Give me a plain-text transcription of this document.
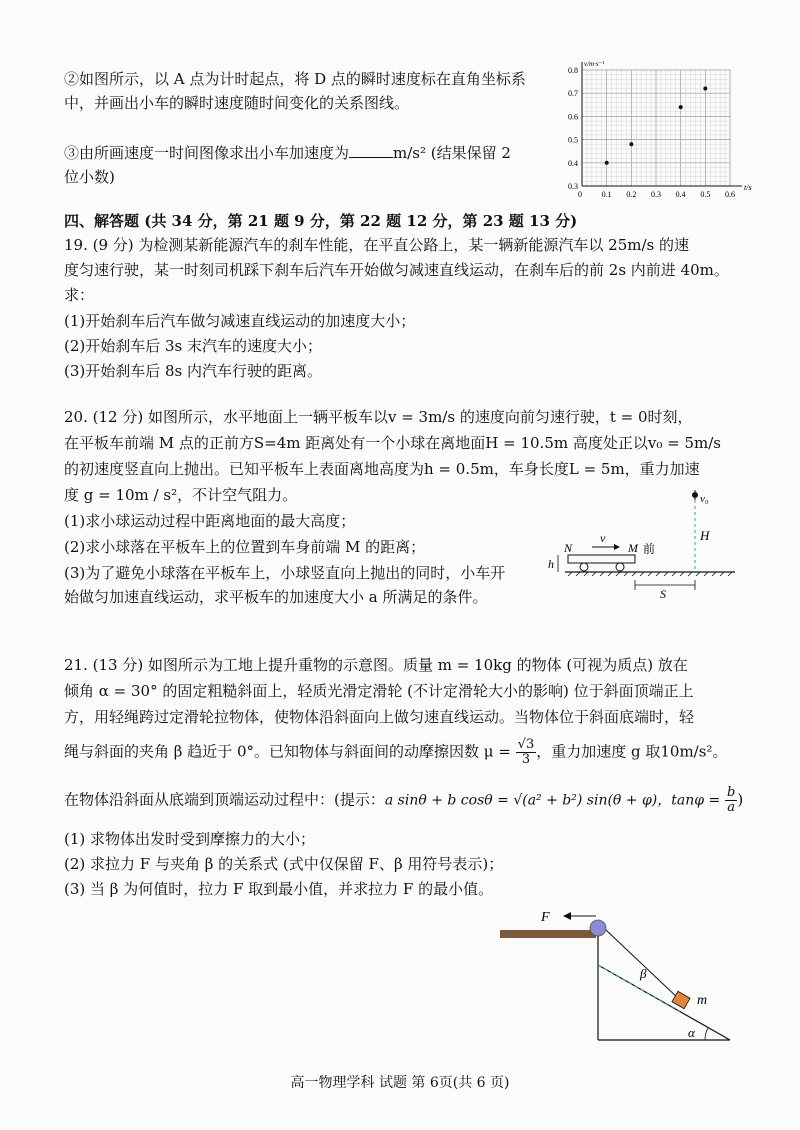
②如图所示，以 A 点为计时起点，将 D 点的瞬时速度标在直角坐标系
中，并画出小车的瞬时速度随时间变化的关系图线。
③由所画速度一时间图像求出小车加速度为	m/s² (结果保留 2
位小数)
0.1 0.2 0.3 0.4 0.5 0.6
0
0.3
0.4
0.5
0.6
0.7
0.8
t/s
v/m·s⁻¹
四、解答题 (共 34 分，第 21 题 9 分，第 22 题 12 分，第 23 题 13 分)
19. (9 分) 为检测某新能源汽车的刹车性能，在平直公路上，某一辆新能源汽车以 25m/s 的速
度匀速行驶，某一时刻司机踩下刹车后汽车开始做匀减速直线运动，在刹车后的前 2s 内前进 40m。
求：
(1)开始刹车后汽车做匀减速直线运动的加速度大小；
(2)开始刹车后 3s 末汽车的速度大小；
(3)开始刹车后 8s 内汽车行驶的距离。
20. (12 分) 如图所示，水平地面上一辆平板车以v = 3m/s 的速度向前匀速行驶，t = 0时刻，
在平板车前端 M 点的正前方S=4m 距离处有一个小球在离地面H = 10.5m 高度处正以v₀ = 5m/s
的初速度竖直向上抛出。已知平板车上表面离地高度为h = 0.5m，车身长度L = 5m，重力加速
度 g = 10m / s²，不计空气阻力。
(1)求小球运动过程中距离地面的最大高度；
(2)求小球落在平板车上的位置到车身前端 M 的距离；
(3)为了避免小球落在平板车上，小球竖直向上抛出的同时，小车开
始做匀加速直线运动，求平板车的加速度大小 a 所满足的条件。
v₀
H
N	M 前
v
h
S
21. (13 分) 如图所示为工地上提升重物的示意图。质量 m = 10kg 的物体 (可视为质点) 放在
倾角 α = 30° 的固定粗糙斜面上，轻质光滑定滑轮 (不计定滑轮大小的影响) 位于斜面顶端正上
方，用轻绳跨过定滑轮拉物体，使物体沿斜面向上做匀速直线运动。当物体位于斜面底端时，轻
绳与斜面的夹角 β 趋近于 0°。已知物体与斜面间的动摩擦因数 $\mu = \frac{√3}{3}$ ，重力加速度 g 取10m/s²。
在物体沿斜面从底端到顶端运动过程中：(提示：a sinθ + b cosθ = √(a² + b²) sin(θ + φ)，$\tan\varphi = \frac{b}{a}$ )
(1) 求物体出发时受到摩擦力的大小；
(2) 求拉力 F 与夹角 β 的关系式 (式中仅保留 F、β 用符号表示)；
(3) 当 β 为何值时，拉力 F 取到最小值，并求拉力 F 的最小值。
F
m
β
α
高一物理学科 试题 第 6页(共 6 页)
